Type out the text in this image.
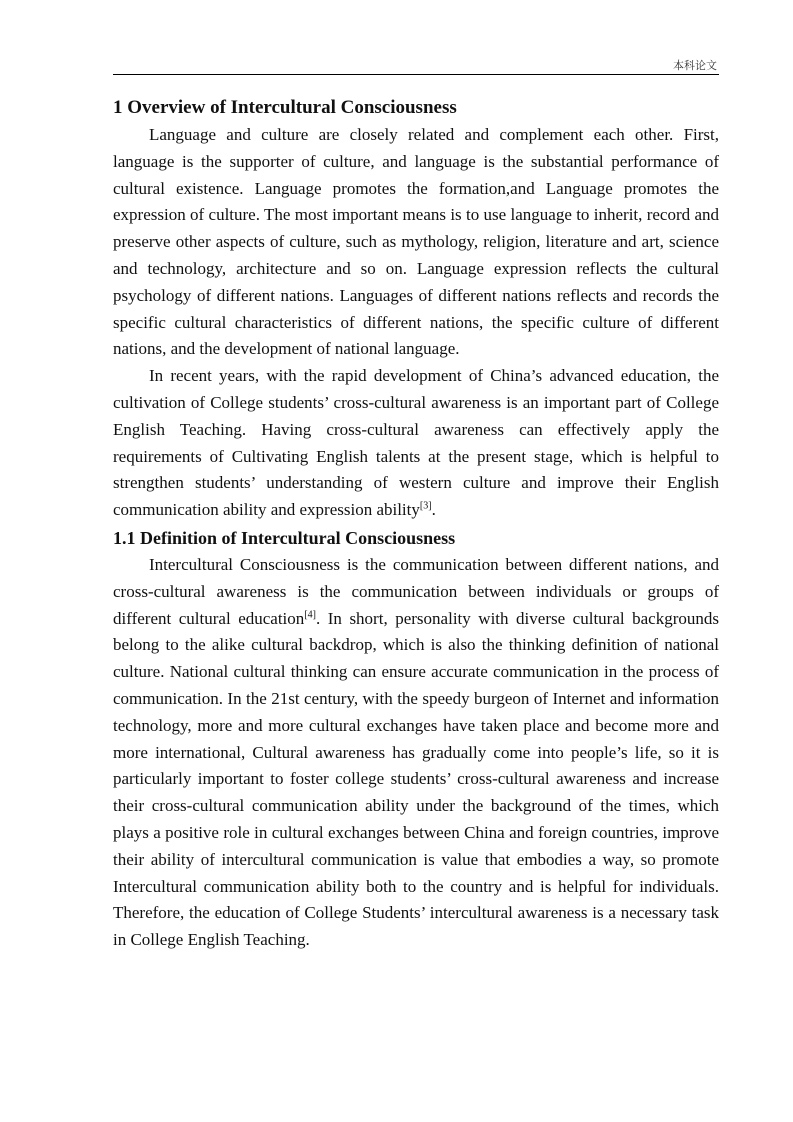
本科论文
1 Overview of Intercultural Consciousness

Language and culture are closely related and complement each other. First, language is the supporter of culture, and language is the substantial performance of cultural existence. Language promotes the formation,and Language promotes the expression of culture. The most important means is to use language to inherit, record and preserve other aspects of culture, such as mythology, religion, literature and art, science and technology, architecture and so on. Language expression reflects the cultural psychology of different nations. Languages of different nations reflects and records the specific cultural characteristics of different nations, the specific culture of different nations, and the development of national language.

In recent years, with the rapid development of China’s advanced education, the cultivation of College students’ cross-cultural awareness is an important part of College English Teaching. Having cross-cultural awareness can effectively apply the requirements of Cultivating English talents at the present stage, which is helpful to strengthen students’ understanding of western culture and improve their English communication ability and expression ability[3].

1.1 Definition of Intercultural Consciousness

Intercultural Consciousness is the communication between different nations, and cross-cultural awareness is the communication between individuals or groups of different cultural education[4]. In short, personality with diverse cultural backgrounds belong to the alike cultural backdrop, which is also the thinking definition of national culture. National cultural thinking can ensure accurate communication in the process of communication. In the 21st century, with the speedy burgeon of Internet and information technology, more and more cultural exchanges have taken place and become more and more international, Cultural awareness has gradually come into people’s life, so it is particularly important to foster college students’ cross-cultural awareness and increase their cross-cultural communication ability under the background of the times, which plays a positive role in cultural exchanges between China and foreign countries, improve their ability of intercultural communication is value that embodies a way, so promote Intercultural communication ability both to the country and is helpful for individuals. Therefore, the education of College Students’ intercultural awareness is a necessary task in College English Teaching.
